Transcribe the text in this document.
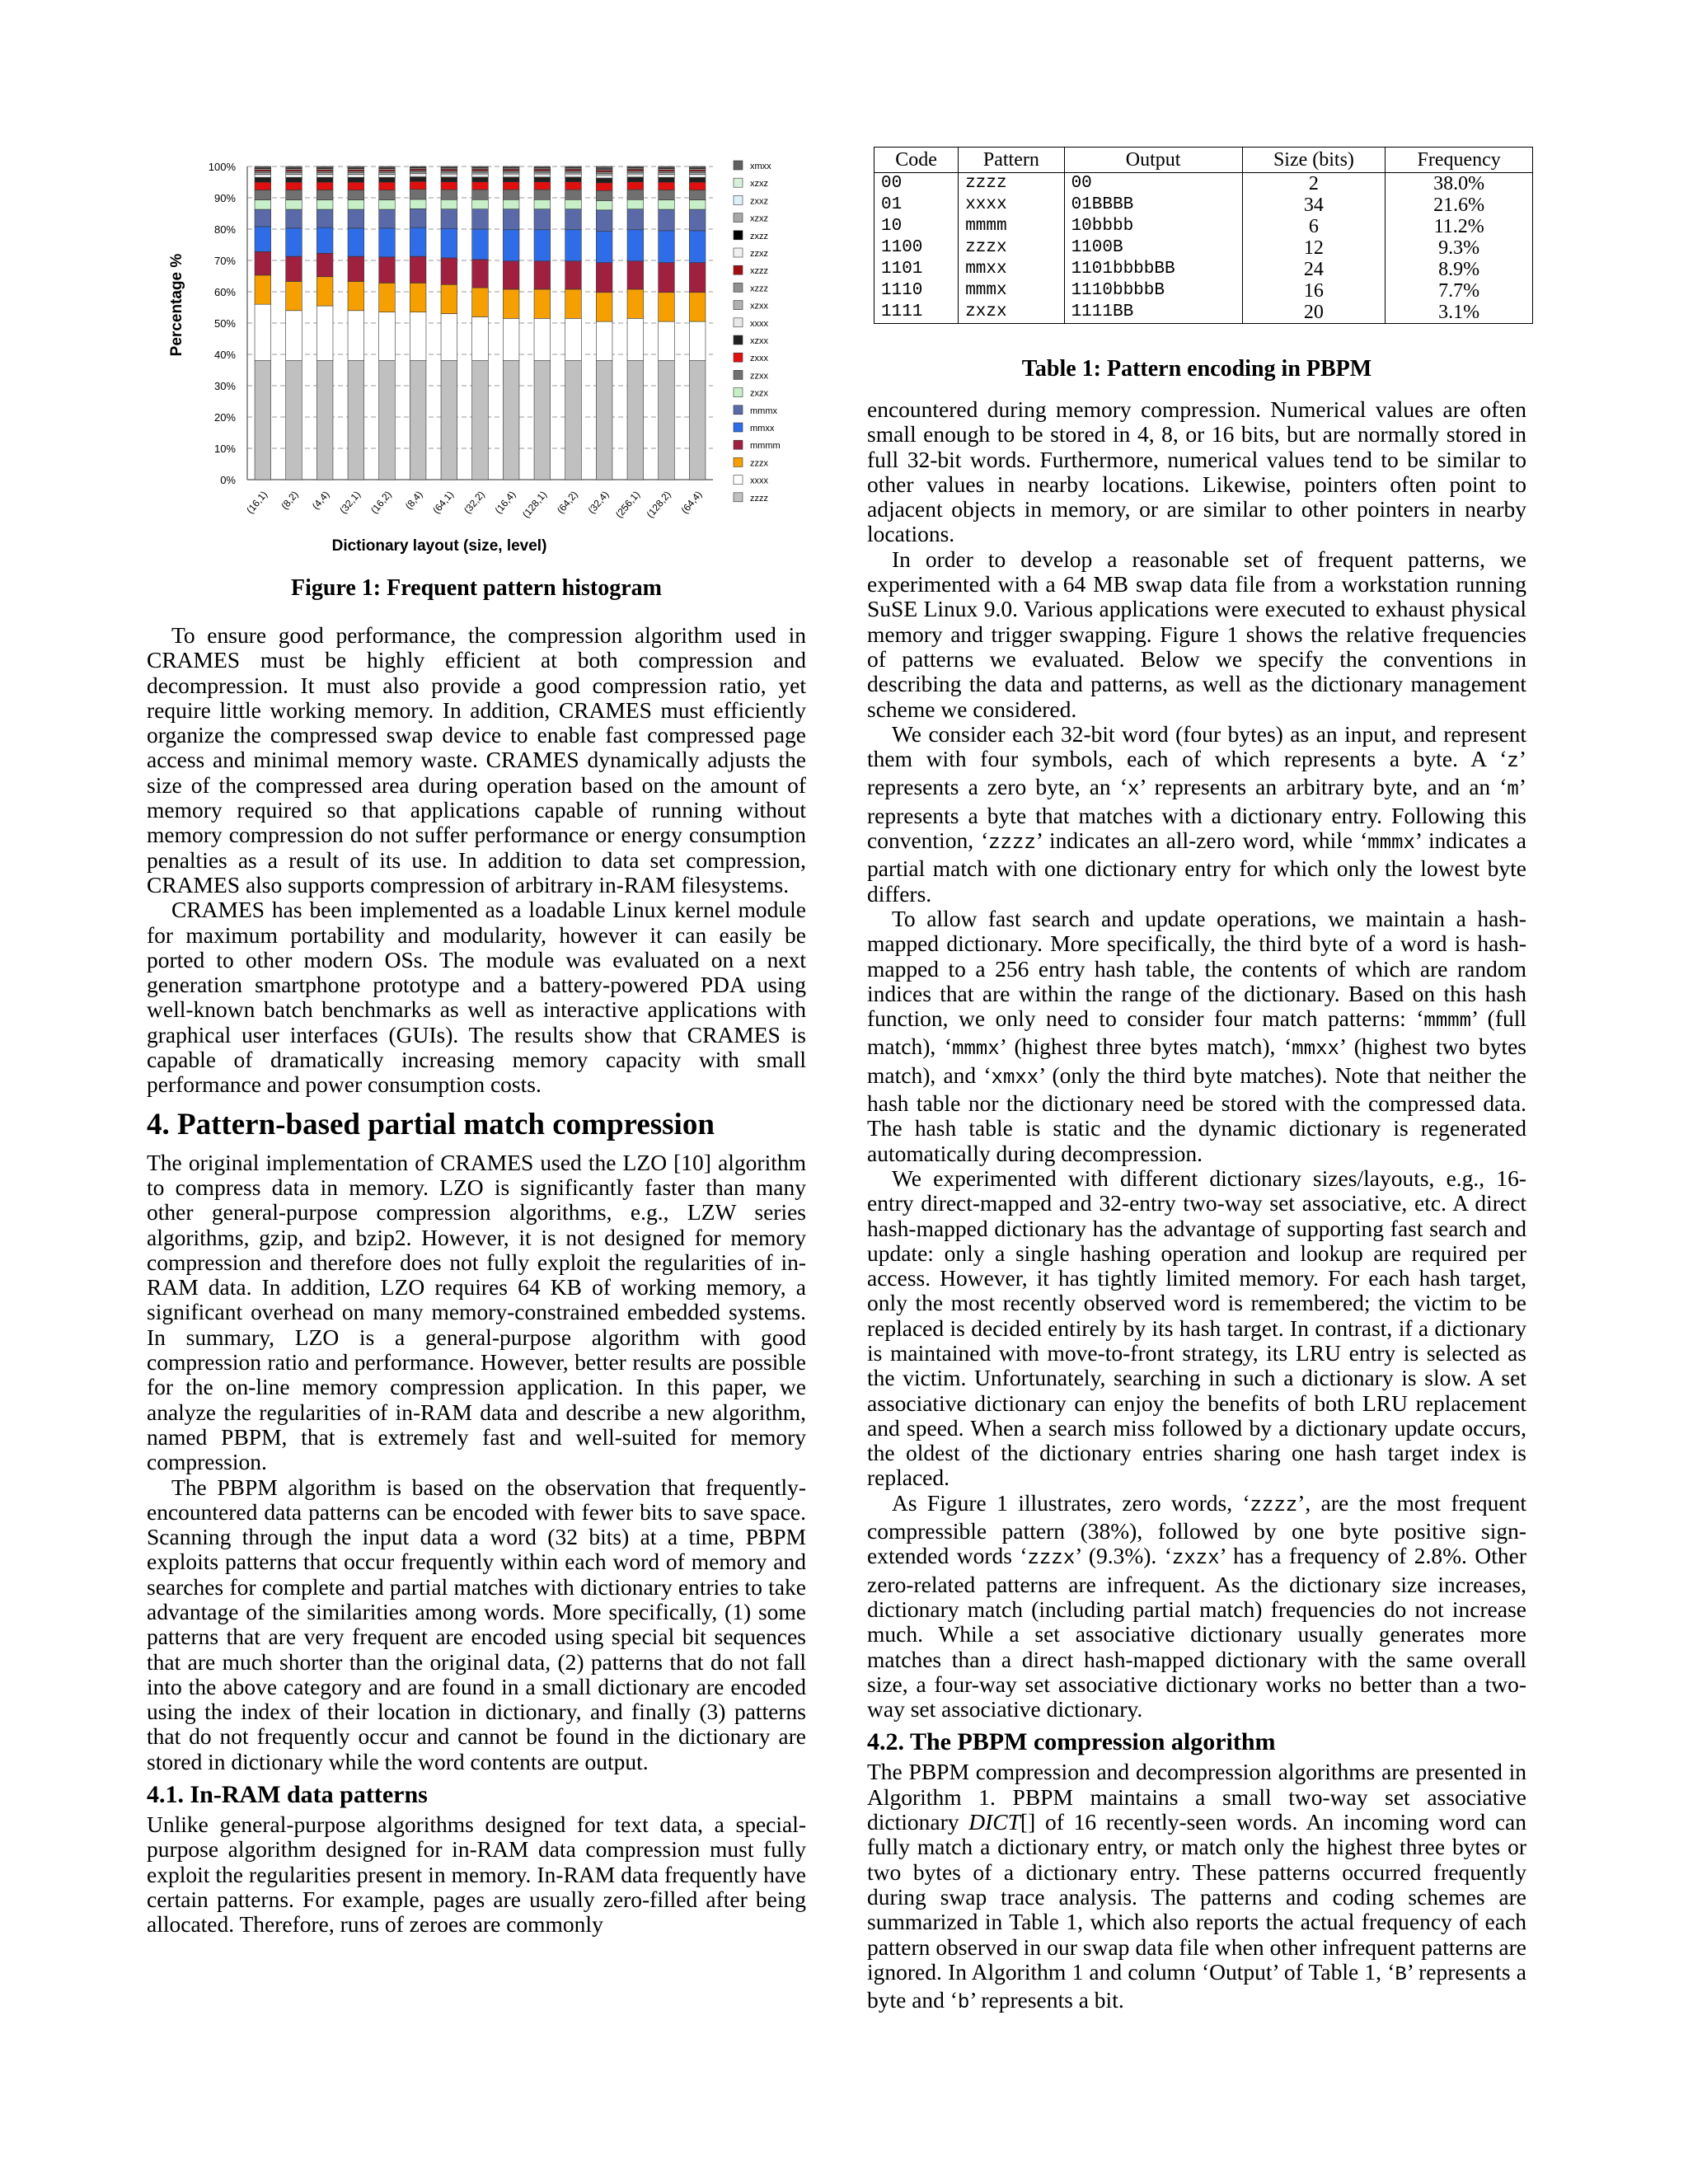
0%
10%
20%
30%
40%
50%
60%
70%
80%
90%
100%
(16,1) (8,2) (4,4) (32,1) (16,2) (8,4) (64,1) (32,2) (16,4) (128,1) (64,2) (32,4) (256,1) (128,2) (64,4)
xmxx
xzxz
zxxz
xzxz
zxzz
zzxz
xzzz
xzzz
xzxx
xxxx
xzxx
zxxx
zzxx
zxzx
mmmx
mmxx
mmmm
zzzx
xxxx
zzzz
Percentage %
Dictionary layout (size, level)
Figure 1: Frequent pattern histogram
Code	Pattern	Output	Size (bits)	Frequency
00	zzzz	00	2	38.0%
01	xxxx	01BBBB	34	21.6%
10	mmmm	10bbbb	6	11.2%
1100	zzzx	1100B	12	9.3%
1101	mmxx	1101bbbbBB	24	8.9%
1110	mmmx	1110bbbbB	16	7.7%
1111	zxzx	1111BB	20	3.1%
Table 1: Pattern encoding in PBPM

To ensure good performance, the compression algorithm used in CRAMES must be highly efficient at both compression and decompression. It must also provide a good compression ratio, yet require little working memory. In addition, CRAMES must efficiently organize the compressed swap device to enable fast compressed page access and minimal memory waste. CRAMES dynamically adjusts the size of the compressed area during operation based on the amount of memory required so that applications capable of running without memory compression do not suffer performance or energy consumption penalties as a result of its use. In addition to data set compression, CRAMES also supports compression of arbitrary in-RAM filesystems.

CRAMES has been implemented as a loadable Linux kernel module for maximum portability and modularity, however it can easily be ported to other modern OSs. The module was evaluated on a next generation smartphone prototype and a battery-powered PDA using well-known batch benchmarks as well as interactive applications with graphical user interfaces (GUIs). The results show that CRAMES is capable of dramatically increasing memory capacity with small performance and power consumption costs.

4. Pattern-based partial match compression

The original implementation of CRAMES used the LZO [10] algorithm to compress data in memory. LZO is significantly faster than many other general-purpose compression algorithms, e.g., LZW series algorithms, gzip, and bzip2. However, it is not designed for memory compression and therefore does not fully exploit the regularities of in-RAM data. In addition, LZO requires 64 KB of working memory, a significant overhead on many memory-constrained embedded systems. In summary, LZO is a general-purpose algorithm with good compression ratio and performance. However, better results are possible for the on-line memory compression application. In this paper, we analyze the regularities of in-RAM data and describe a new algorithm, named PBPM, that is extremely fast and well-suited for memory compression.

The PBPM algorithm is based on the observation that frequently-encountered data patterns can be encoded with fewer bits to save space. Scanning through the input data a word (32 bits) at a time, PBPM exploits patterns that occur frequently within each word of memory and searches for complete and partial matches with dictionary entries to take advantage of the similarities among words. More specifically, (1) some patterns that are very frequent are encoded using special bit sequences that are much shorter than the original data, (2) patterns that do not fall into the above category and are found in a small dictionary are encoded using the index of their location in dictionary, and finally (3) patterns that do not frequently occur and cannot be found in the dictionary are stored in dictionary while the word contents are output.

4.1. In-RAM data patterns

Unlike general-purpose algorithms designed for text data, a special-purpose algorithm designed for in-RAM data compression must fully exploit the regularities present in memory. In-RAM data frequently have certain patterns. For example, pages are usually zero-filled after being allocated. Therefore, runs of zeroes are commonly

encountered during memory compression. Numerical values are often small enough to be stored in 4, 8, or 16 bits, but are normally stored in full 32-bit words. Furthermore, numerical values tend to be similar to other values in nearby locations. Likewise, pointers often point to adjacent objects in memory, or are similar to other pointers in nearby locations.

In order to develop a reasonable set of frequent patterns, we experimented with a 64 MB swap data file from a workstation running SuSE Linux 9.0. Various applications were executed to exhaust physical memory and trigger swapping. Figure 1 shows the relative frequencies of patterns we evaluated. Below we specify the conventions in describing the data and patterns, as well as the dictionary management scheme we considered.

We consider each 32-bit word (four bytes) as an input, and represent them with four symbols, each of which represents a byte. A ‘z’ represents a zero byte, an ‘x’ represents an arbitrary byte, and an ‘m’ represents a byte that matches with a dictionary entry. Following this convention, ‘zzzz’ indicates an all-zero word, while ‘mmmx’ indicates a partial match with one dictionary entry for which only the lowest byte differs.

To allow fast search and update operations, we maintain a hash-mapped dictionary. More specifically, the third byte of a word is hash-mapped to a 256 entry hash table, the contents of which are random indices that are within the range of the dictionary. Based on this hash function, we only need to consider four match patterns: ‘mmmm’ (full match), ‘mmmx’ (highest three bytes match), ‘mmxx’ (highest two bytes match), and ‘xmxx’ (only the third byte matches). Note that neither the hash table nor the dictionary need be stored with the compressed data. The hash table is static and the dynamic dictionary is regenerated automatically during decompression.

We experimented with different dictionary sizes/layouts, e.g., 16-entry direct-mapped and 32-entry two-way set associative, etc. A direct hash-mapped dictionary has the advantage of supporting fast search and update: only a single hashing operation and lookup are required per access. However, it has tightly limited memory. For each hash target, only the most recently observed word is remembered; the victim to be replaced is decided entirely by its hash target. In contrast, if a dictionary is maintained with move-to-front strategy, its LRU entry is selected as the victim. Unfortunately, searching in such a dictionary is slow. A set associative dictionary can enjoy the benefits of both LRU replacement and speed. When a search miss followed by a dictionary update occurs, the oldest of the dictionary entries sharing one hash target index is replaced.

As Figure 1 illustrates, zero words, ‘zzzz’, are the most frequent compressible pattern (38%), followed by one byte positive sign-extended words ‘zzzx’ (9.3%). ‘zxzx’ has a frequency of 2.8%. Other zero-related patterns are infrequent. As the dictionary size increases, dictionary match (including partial match) frequencies do not increase much. While a set associative dictionary usually generates more matches than a direct hash-mapped dictionary with the same overall size, a four-way set associative dictionary works no better than a two-way set associative dictionary.

4.2. The PBPM compression algorithm

The PBPM compression and decompression algorithms are presented in Algorithm 1. PBPM maintains a small two-way set associative dictionary DICT[] of 16 recently-seen words. An incoming word can fully match a dictionary entry, or match only the highest three bytes or two bytes of a dictionary entry. These patterns occurred frequently during swap trace analysis. The patterns and coding schemes are summarized in Table 1, which also reports the actual frequency of each pattern observed in our swap data file when other infrequent patterns are ignored. In Algorithm 1 and column ‘Output’ of Table 1, ‘B’ represents a byte and ‘b’ represents a bit.
